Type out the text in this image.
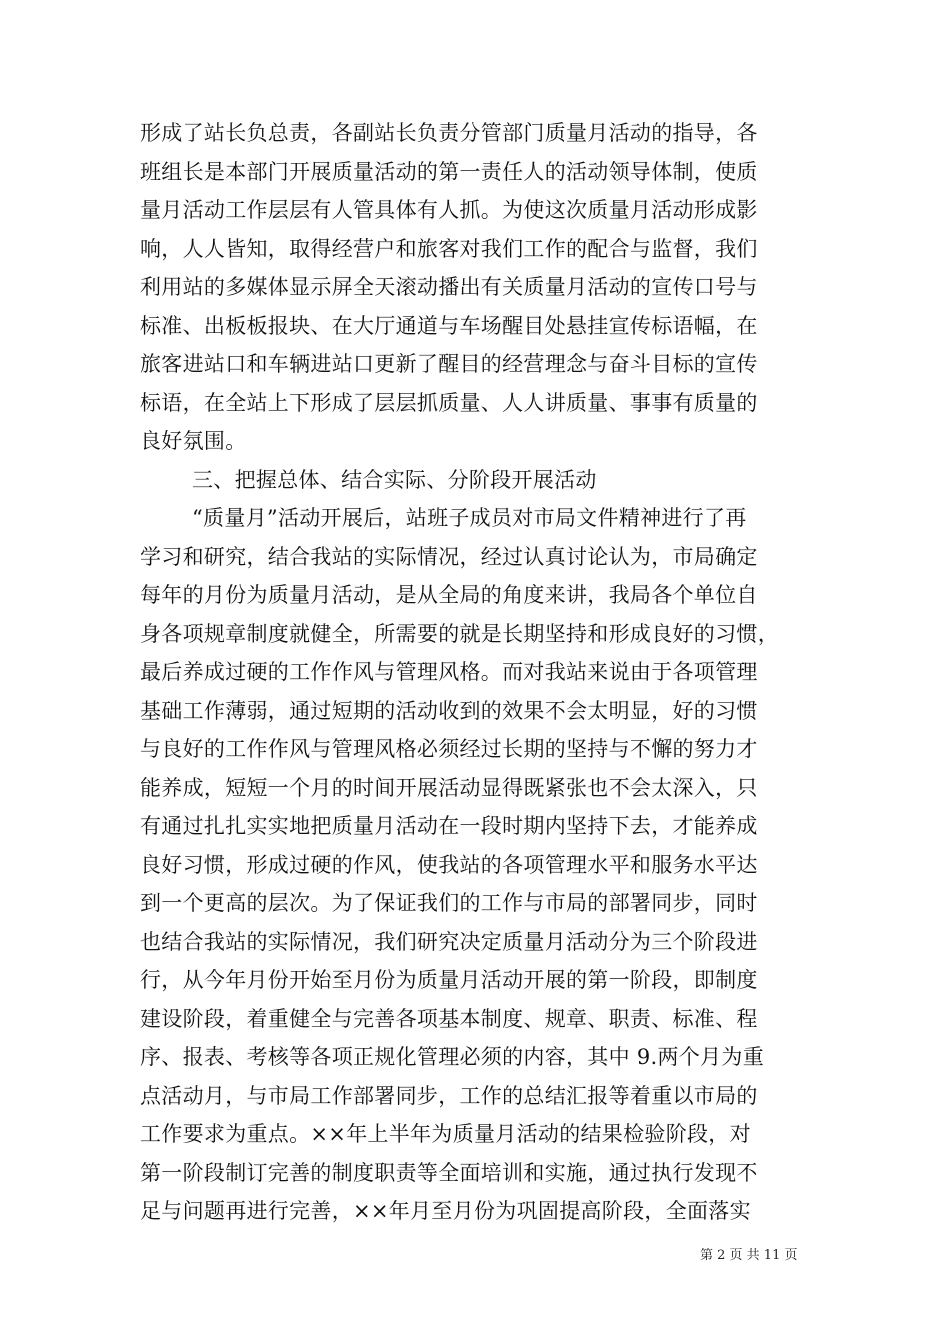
形成了站长负总责，各副站长负责分管部门质量月活动的指导，各
班组长是本部门开展质量活动的第一责任人的活动领导体制，使质
量月活动工作层层有人管具体有人抓。为使这次质量月活动形成影
响，人人皆知，取得经营户和旅客对我们工作的配合与监督，我们
利用站的多媒体显示屏全天滚动播出有关质量月活动的宣传口号与
标准、出板板报块、在大厅通道与车场醒目处悬挂宣传标语幅，在
旅客进站口和车辆进站口更新了醒目的经营理念与奋斗目标的宣传
标语，在全站上下形成了层层抓质量、人人讲质量、事事有质量的
良好氛围。
三、把握总体、结合实际、分阶段开展活动
“质量月”活动开展后，站班子成员对市局文件精神进行了再
学习和研究，结合我站的实际情况，经过认真讨论认为，市局确定
每年的月份为质量月活动，是从全局的角度来讲，我局各个单位自
身各项规章制度就健全，所需要的就是长期坚持和形成良好的习惯，
最后养成过硬的工作作风与管理风格。而对我站来说由于各项管理
基础工作薄弱，通过短期的活动收到的效果不会太明显，好的习惯
与良好的工作作风与管理风格必须经过长期的坚持与不懈的努力才
能养成，短短一个月的时间开展活动显得既紧张也不会太深入，只
有通过扎扎实实地把质量月活动在一段时期内坚持下去，才能养成
良好习惯，形成过硬的作风，使我站的各项管理水平和服务水平达
到一个更高的层次。为了保证我们的工作与市局的部署同步，同时
也结合我站的实际情况，我们研究决定质量月活动分为三个阶段进
行，从今年月份开始至月份为质量月活动开展的第一阶段，即制度
建设阶段，着重健全与完善各项基本制度、规章、职责、标准、程
序、报表、考核等各项正规化管理必须的内容，其中 9.两个月为重
点活动月，与市局工作部署同步，工作的总结汇报等着重以市局的
工作要求为重点。××年上半年为质量月活动的结果检验阶段，对
第一阶段制订完善的制度职责等全面培训和实施，通过执行发现不
足与问题再进行完善，××年月至月份为巩固提高阶段，全面落实
第 2 页 共 11 页
